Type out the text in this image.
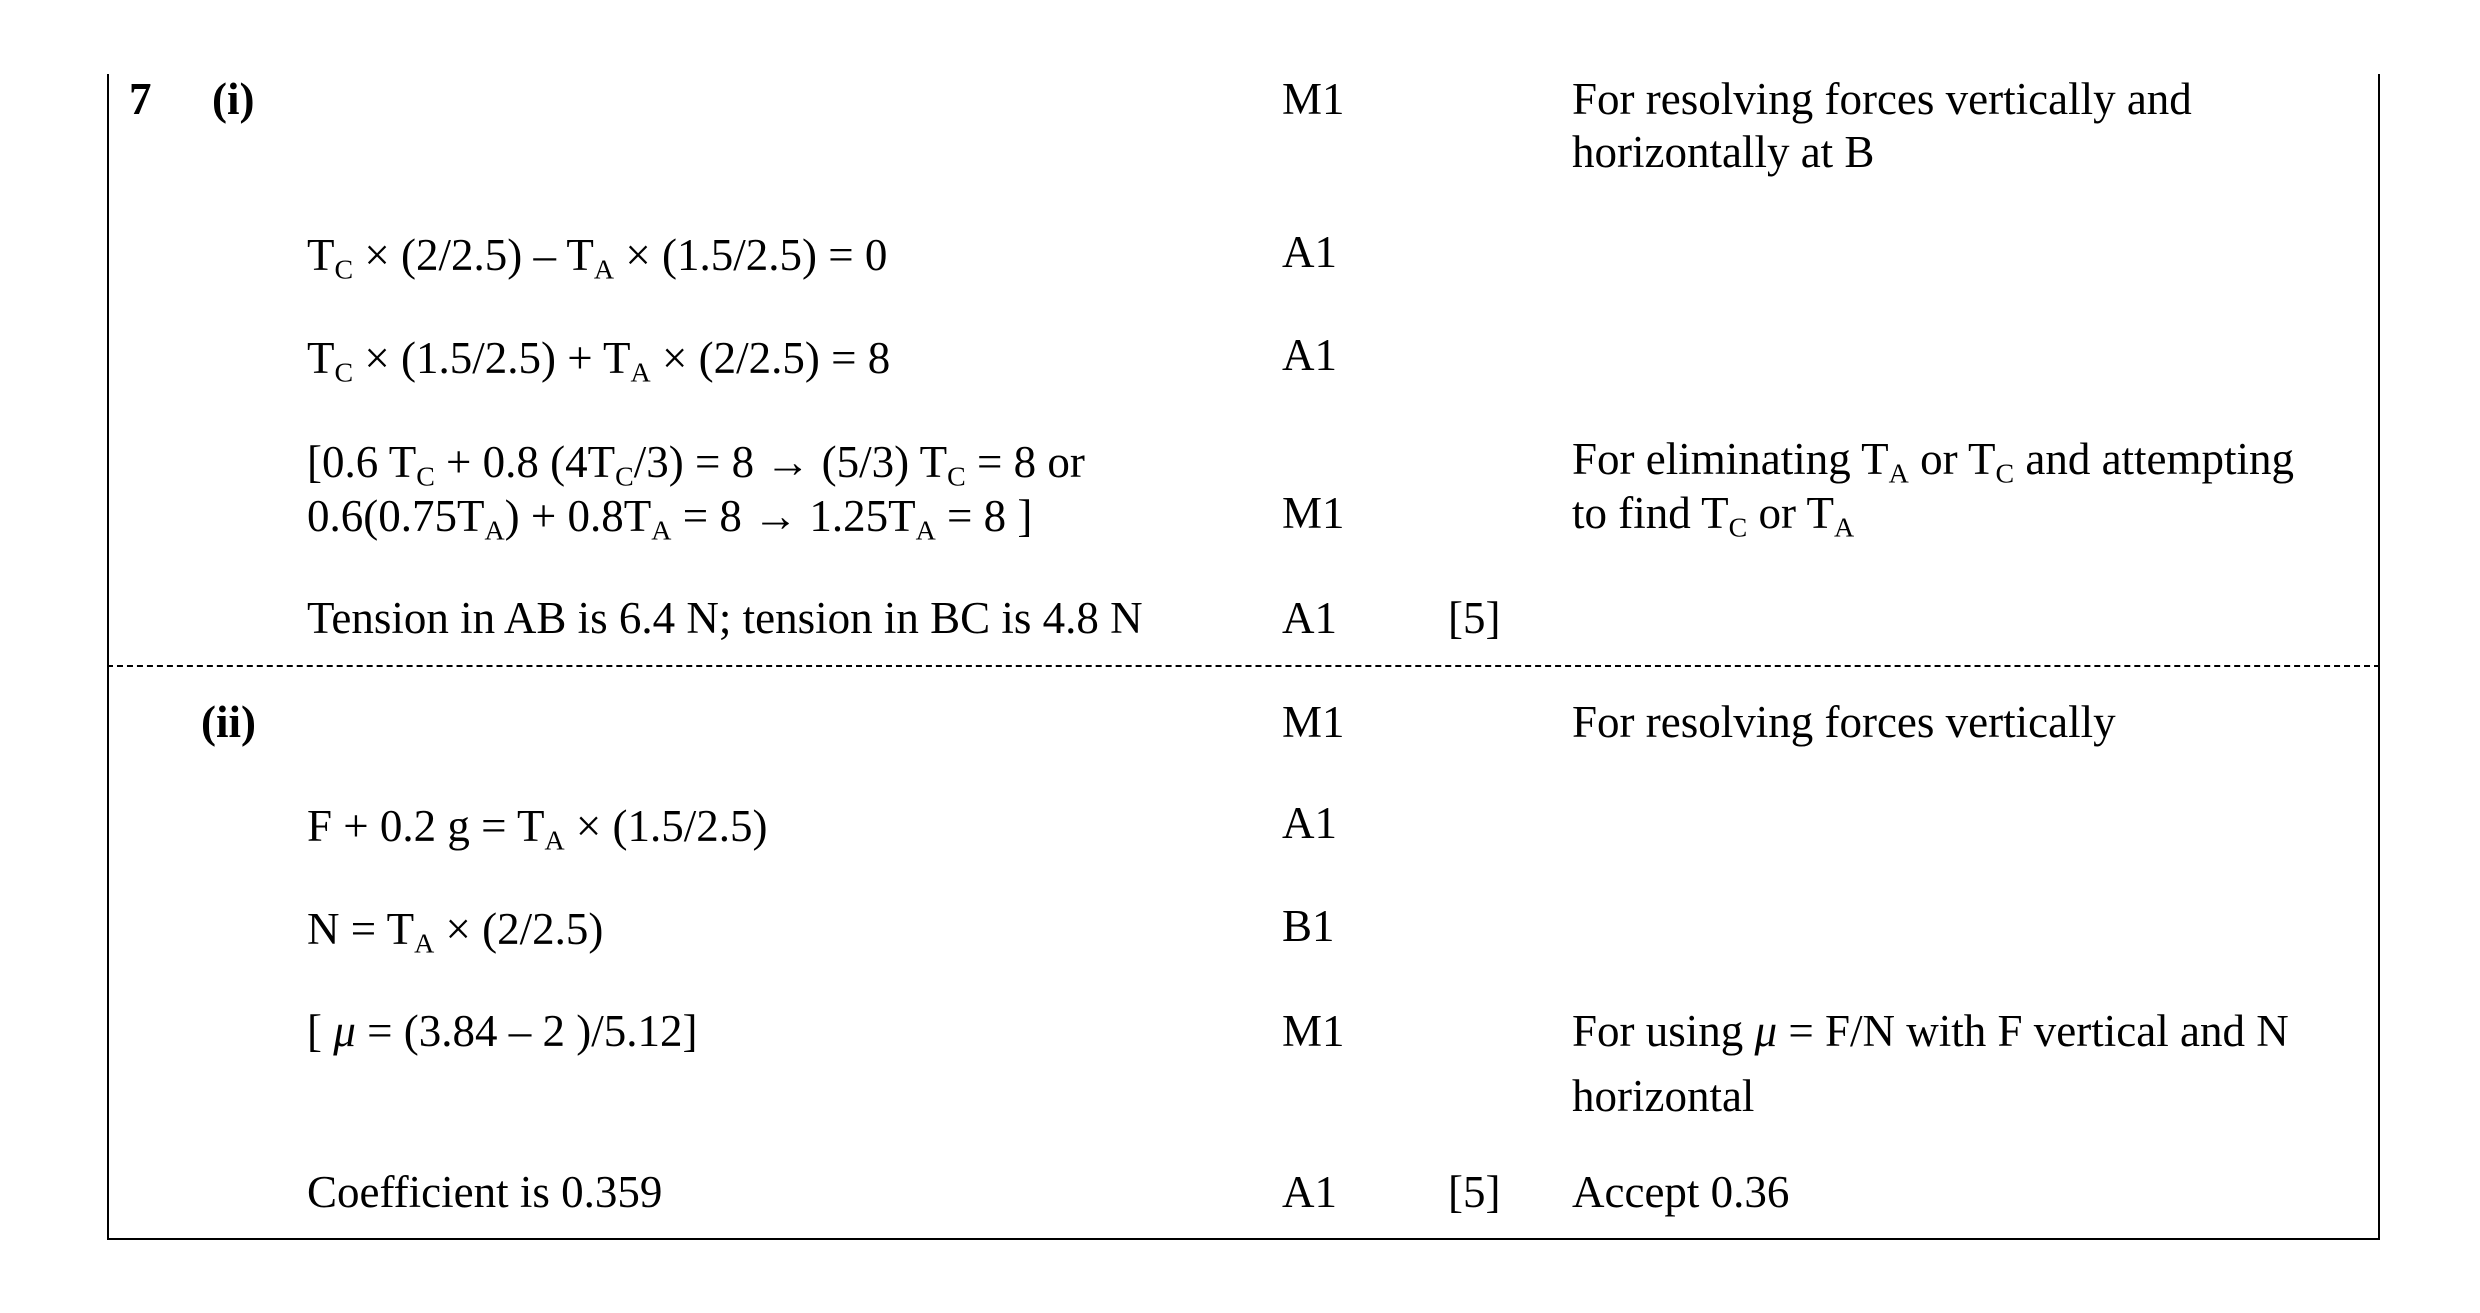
7 (i)	M1	For resolving forces vertically and
horizontally at B
$T_C \times (2/2.5) - T_A \times (1.5/2.5) = 0$	A1
$T_C \times (1.5/2.5) + T_A \times (2/2.5) = 8$	A1
[0.6 $T_C + 0.8$ $(4T_C/3) = 8 \to (5/3) T_C = 8$ or
$0.6(0.75T_A) + 0.8T_A = 8 \to 1.25T_A = 8$ ]	M1
For eliminating $T_A$ or $T_C$ and attempting
to find $T_C$ or $T_A$
Tension in AB is 6.4 N; tension in BC is 4.8 N	A1 [5]
(ii)	M1	For resolving forces vertically
F + 0.2 $g = T_A \times (1.5/2.5)$	A1
$N = T_A \times (2/2.5)$	B1
[ μ = (3.84 – 2 )/5.12]	M1	For using μ = F/N with F vertical and N
horizontal
Coefficient is 0.359	A1 [5] Accept 0.36
